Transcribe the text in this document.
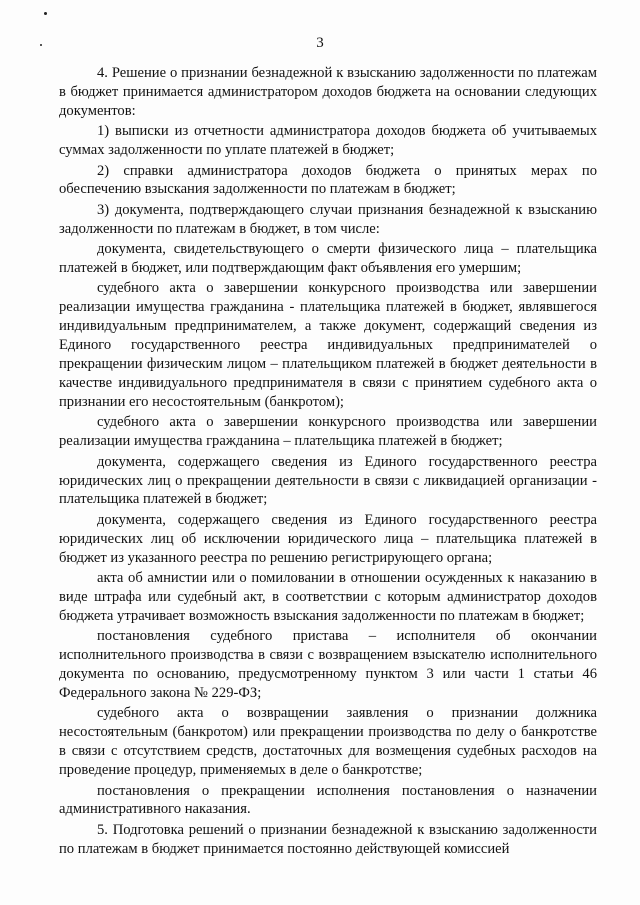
3

4. Решение о признании безнадежной к взысканию задолженности по платежам в бюджет принимается администратором доходов бюджета на основании следующих документов:

1) выписки из отчетности администратора доходов бюджета об учитываемых суммах задолженности по уплате платежей в бюджет;

2) справки администратора доходов бюджета о принятых мерах по обеспечению взыскания задолженности по платежам в бюджет;

3) документа, подтверждающего случаи признания безнадежной к взысканию задолженности по платежам в бюджет, в том числе:

документа, свидетельствующего о смерти физического лица – плательщика платежей в бюджет, или подтверждающим факт объявления его умершим;

судебного акта о завершении конкурсного производства или завершении реализации имущества гражданина - плательщика платежей в бюджет, являвшегося индивидуальным предпринимателем, а также документ, содержащий сведения из Единого государственного реестра индивидуальных предпринимателей о прекращении физическим лицом – плательщиком платежей в бюджет деятельности в качестве индивидуального предпринимателя в связи с принятием судебного акта о признании его несостоятельным (банкротом);

судебного акта о завершении конкурсного производства или завершении реализации имущества гражданина – плательщика платежей в бюджет;

документа, содержащего сведения из Единого государственного реестра юридических лиц о прекращении деятельности в связи с ликвидацией организации - плательщика платежей в бюджет;

документа, содержащего сведения из Единого государственного реестра юридических лиц об исключении юридического лица – плательщика платежей в бюджет из указанного реестра по решению регистрирующего органа;

акта об амнистии или о помиловании в отношении осужденных к наказанию в виде штрафа или судебный акт, в соответствии с которым администратор доходов бюджета утрачивает возможность взыскания задолженности по платежам в бюджет;

постановления судебного пристава – исполнителя об окончании исполнительного производства в связи с возвращением взыскателю исполнительного документа по основанию, предусмотренному пунктом 3 или части 1 статьи 46 Федерального закона № 229-ФЗ;

судебного акта о возвращении заявления о признании должника несостоятельным (банкротом) или прекращении производства по делу о банкротстве в связи с отсутствием средств, достаточных для возмещения судебных расходов на проведение процедур, применяемых в деле о банкротстве;

постановления о прекращении исполнения постановления о назначении административного наказания.

5. Подготовка решений о признании безнадежной к взысканию задолженности по платежам в бюджет принимается постоянно действующей комиссией
